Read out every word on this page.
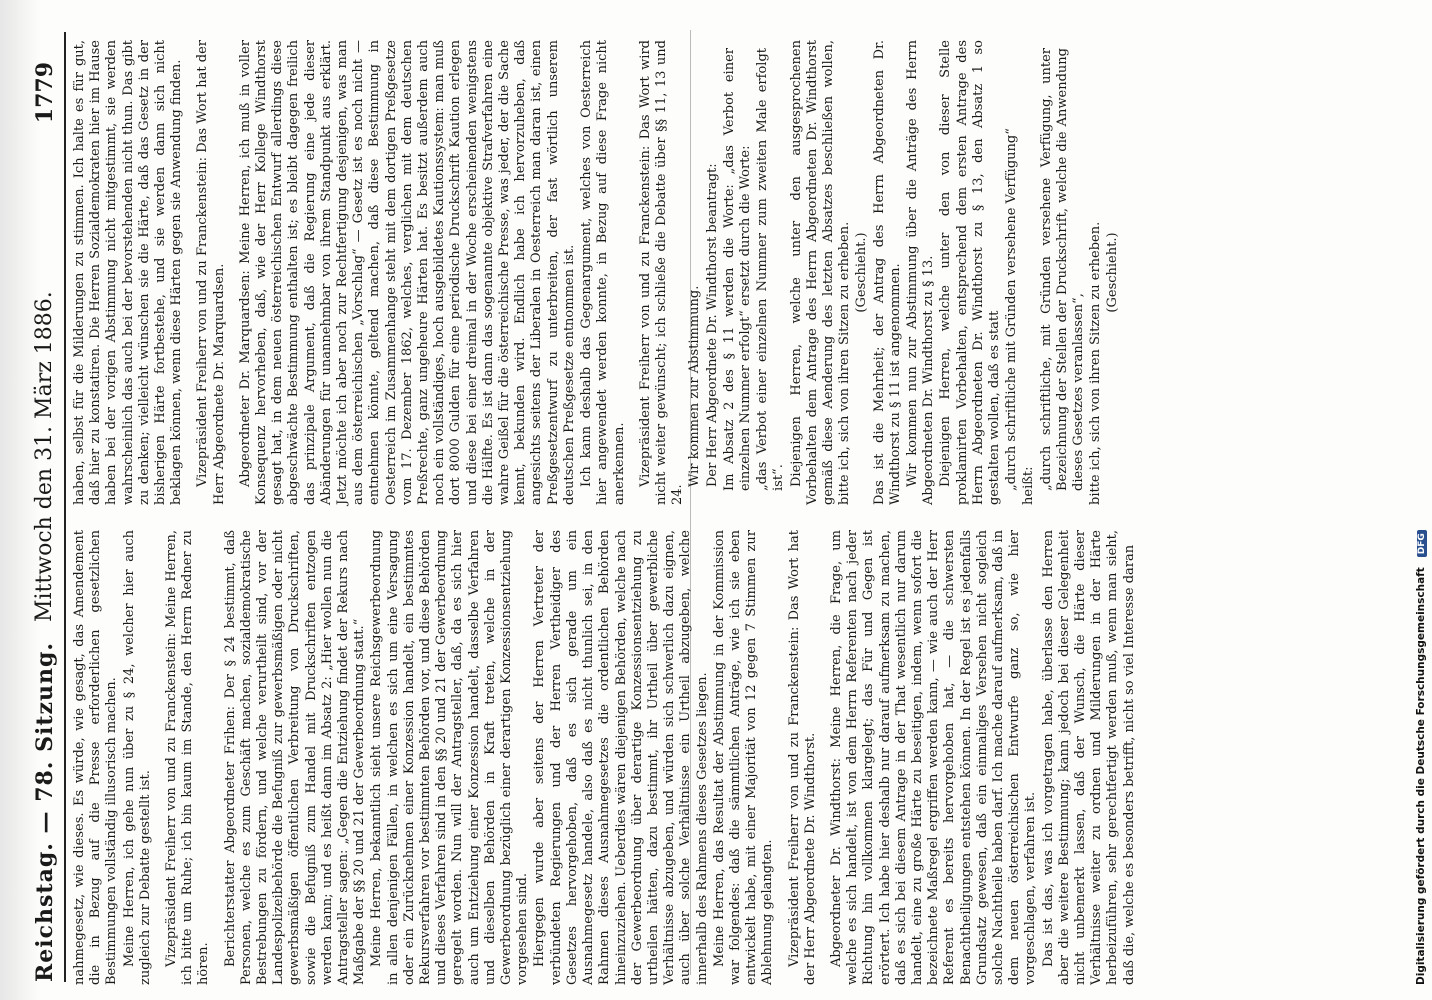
Reichstag. — 78. Sitzung.
Mittwoch den 31. März 1886.
1779

nahmegesetz, wie dieses. Es würde, wie gesagt, das Amendement die in Bezug auf die Presse erforderlichen gesetzlichen Bestimmungen vollständig illusorisch machen. Meine Herren, ich gehe nun über zu § 24, welcher hier auch zugleich zur Debatte gestellt ist. Vizepräsident Freiherr von und zu Franckenstein: Meine Herren, ich bitte um Ruhe; ich bin kaum im Stande, den Herrn Redner zu hören. Berichterstatter Abgeordneter Frihen: Der § 24 bestimmt, daß Personen, welche es zum Geschäft machen, sozialdemokratische Bestrebungen zu fördern, und welche verurtheilt sind, vor der Landespolizeibehörde die Befugniß zur gewerbsmäßigen oder nicht gewerbsmäßigen öffentlichen Verbreitung von Druckschriften, sowie die Befugniß zum Handel mit Druckschriften entzogen werden kann; und es heißt dann im Absatz 2: „Hier wollen nun die Antragsteller sagen: „Gegen die Entziehung findet der Rekurs nach Maßgabe der §§ 20 und 21 der Gewerbeordnung statt.“ Meine Herren, bekanntlich sieht unsere Reichsgewerbeordnung in allen denjenigen Fällen, in welchen es sich um eine Versagung oder ein Zurücknehmen einer Konzession handelt, ein bestimmtes Rekursverfahren vor bestimmten Behörden vor, und diese Behörden und dieses Verfahren sind in den §§ 20 und 21 der Gewerbeordnung geregelt worden. Nun will der Antragsteller, daß, da es sich hier auch um Entziehung einer Konzession handelt, dasselbe Verfahren und dieselben Behörden in Kraft treten, welche in der Gewerbeordnung bezüglich einer derartigen Konzessionsentziehung vorgesehen sind. Hiergegen wurde aber seitens der Herren Vertreter der verbündeten Regierungen und der Herren Vertheidiger des Gesetzes hervorgehoben, daß es sich gerade um ein Ausnahmegesetz handele, also daß es nicht thunlich sei, in den Rahmen dieses Ausnahmegesetzes die ordentlichen Behörden hineinzuziehen. Ueberdies wären diejenigen Behörden, welche nach der Gewerbeordnung über derartige Konzessionsentziehung zu urtheilen hätten, dazu bestimmt, ihr Urtheil über gewerbliche Verhältnisse abzugeben, und würden sich schwerlich dazu eignen, auch über solche Verhältnisse ein Urtheil abzugeben, welche innerhalb des Rahmens dieses Gesetzes liegen. Meine Herren, das Resultat der Abstimmung in der Kommission war folgendes: daß die sämmtlichen Anträge, wie ich sie eben entwickelt habe, mit einer Majorität von 12 gegen 7 Stimmen zur Ablehnung gelangten. Vizepräsident Freiherr von und zu Franckenstein: Das Wort hat der Herr Abgeordnete Dr. Windthorst. Abgeordneter Dr. Windthorst: Meine Herren, die Frage, um welche es sich handelt, ist von dem Herrn Referenten nach jeder Richtung hin vollkommen klargelegt; das Für und Gegen ist erörtert. Ich habe hier deshalb nur darauf aufmerksam zu machen, daß es sich bei diesem Antrage in der That wesentlich nur darum handelt, eine zu große Härte zu beseitigen, indem, wenn sofort die bezeichnete Maßregel ergriffen werden kann, — wie auch der Herr Referent es bereits hervorgehoben hat, — die schwersten Benachtheiligungen entstehen können. In der Regel ist es jedenfalls Grundsatz gewesen, daß ein einmaliges Versehen nicht sogleich solche Nachtheile haben darf. Ich mache darauf aufmerksam, daß in dem neuen österreichischen Entwurfe ganz so, wie hier vorgeschlagen, verfahren ist. Das ist das, was ich vorgetragen habe, überlasse den Herren aber die weitere Bestimmung; kann jedoch bei dieser Gelegenheit nicht unbemerkt lassen, daß der Wunsch, die Härte dieser Verhältnisse weiter zu ordnen und Milderungen in der Härte herbeizuführen, sehr gerechtfertigt werden muß, wenn man sieht, daß die, welche es besonders betrifft, nicht so viel Interesse daran

haben, selbst für die Milderungen zu stimmen. Ich halte es für gut, daß hier zu konstatiren. Die Herren Sozialdemokraten hier im Hause haben bei der vorigen Abstimmung nicht mitgestimmt, sie werden wahrscheinlich das auch bei der bevorstehenden nicht thun. Das gibt zu denken; vielleicht wünschen sie die Härte, daß das Gesetz in der bisherigen Härte fortbestehe, und sie werden dann sich nicht beklagen können, wenn diese Härten gegen sie Anwendung finden. Vizepräsident Freiherr von und zu Franckenstein: Das Wort hat der Herr Abgeordnete Dr. Marquardsen. Abgeordneter Dr. Marquardsen: Meine Herren, ich muß in voller Konsequenz hervorheben, daß, wie der Herr Kollege Windthorst gesagt hat, in dem neuen österreichischen Entwurf allerdings diese abgeschwächte Bestimmung enthalten ist; es bleibt dagegen freilich das prinzipale Argument, daß die Regierung eine jede dieser Abänderungen für unannehmbar von ihrem Standpunkt aus erklärt. Jetzt möchte ich aber noch zur Rechtfertigung desjenigen, was man aus dem österreichischen „Vorschlag“ — Gesetz ist es noch nicht — entnehmen könnte, geltend machen, daß diese Bestimmung in Oesterreich im Zusammenhange steht mit dem dortigen Preßgesetze vom 17. Dezember 1862, welches, verglichen mit dem deutschen Preßrechte, ganz ungeheure Härten hat. Es besitzt außerdem auch noch ein vollständiges, hoch ausgebildetes Kautionssystem: man muß dort 8000 Gulden für eine periodische Druckschrift Kaution erlegen und diese bei einer dreimal in der Woche erscheinenden wenigstens die Hälfte. Es ist dann das sogenannte objektive Strafverfahren eine wahre Geißel für die österreichische Presse, was jeder, der die Sache kennt, bekunden wird. Endlich habe ich hervorzuheben, daß angesichts seitens der Liberalen in Oesterreich man daran ist, einen Preßgesetzentwurf zu unterbreiten, der fast wörtlich unserem deutschen Preßgesetze entnommen ist. Ich kann deshalb das Gegenargument, welches von Oesterreich hier angewendet werden konnte, in Bezug auf diese Frage nicht anerkennen. Vizepräsident Freiherr von und zu Franckenstein: Das Wort wird nicht weiter gewünscht; ich schließe die Debatte über §§ 11, 13 und 24.

Wir kommen zur Abstimmung. Der Herr Abgeordnete Dr. Windthorst beantragt: Im Absatz 2 des § 11 werden die Worte: „das Verbot einer einzelnen Nummer erfolgt“ ersetzt durch die Worte: „das Verbot einer einzelnen Nummer zum zweiten Male erfolgt ist“. Diejenigen Herren, welche unter den ausgesprochenen Vorbehalten dem Antrage des Herrn Abgeordneten Dr. Windthorst gemäß diese Aenderung des letzten Absatzes beschließen wollen, bitte ich, sich von ihren Sitzen zu erheben. (Geschieht.) Das ist die Mehrheit; der Antrag des Herrn Abgeordneten Dr. Windthorst zu § 11 ist angenommen. Wir kommen nun zur Abstimmung über die Anträge des Herrn Abgeordneten Dr. Windthorst zu § 13. Diejenigen Herren, welche unter den von dieser Stelle proklamirten Vorbehalten, entsprechend dem ersten Antrage des Herrn Abgeordneten Dr. Windthorst zu § 13, den Absatz 1 so gestalten wollen, daß es statt „durch schriftliche mit Gründen versehene Verfügung“ heißt: „durch schriftliche, mit Gründen versehene Verfügung, unter Bezeichnung der Stellen der Druckschrift, welche die Anwendung dieses Gesetzes veranlassen“, bitte ich, sich von ihren Sitzen zu erheben. (Geschieht.)

Digitalisierung gefördert durch die Deutsche ForschungsgemeinschaftDFG
